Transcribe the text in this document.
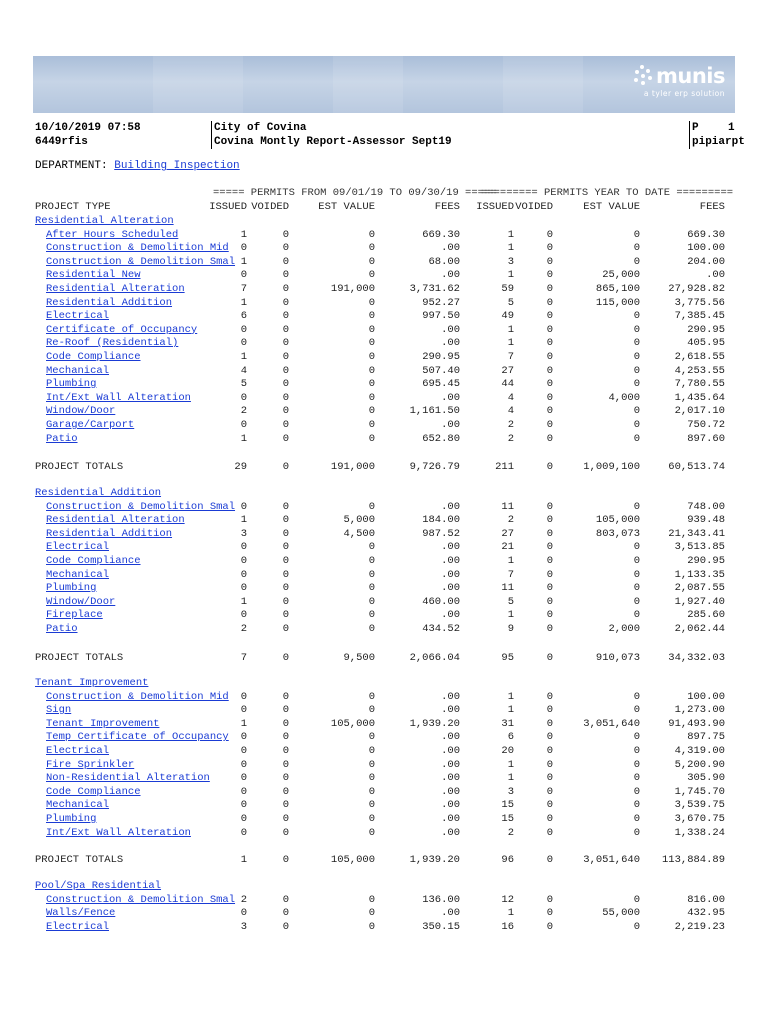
munis
a tyler erp solution
10/10/2019 07:58
6449rfis
City of Covina
Covina Montly Report-Assessor Sept19
P	1
pipiarpt
DEPARTMENT: Building Inspection
===== PERMITS FROM 09/01/19 TO 09/30/19 =====
========= PERMITS YEAR TO DATE =========
PROJECT TYPE	ISSUED VOIDED	EST VALUE	FEES ISSUED VOIDED	EST VALUE	FEES
Residential Alteration
After Hours Scheduled	1	0	0	669.30	1	0	0	669.30
Construction & Demolition Mid 0	0	0	.00	1	0	0	100.00
Construction & Demolition Smal 1	0	0	68.00	3	0	0	204.00
Residential New	0	0	0	.00	1	0	25,000	.00
Residential Alteration	7	0	191,000	3,731.62	59	0	865,100	27,928.82
Residential Addition	1	0	0	952.27	5	0	115,000	3,775.56
Electrical	6	0	0	997.50	49	0	0	7,385.45
Certificate of Occupancy	0	0	0	.00	1	0	0	290.95
Re-Roof (Residential)	0	0	0	.00	1	0	0	405.95
Code Compliance	1	0	0	290.95	7	0	0	2,618.55
Mechanical	4	0	0	507.40	27	0	0	4,253.55
Plumbing	5	0	0	695.45	44	0	0	7,780.55
Int/Ext Wall Alteration	0	0	0	.00	4	0	4,000	1,435.64
Window/Door	2	0	0	1,161.50	4	0	0	2,017.10
Garage/Carport	0	0	0	.00	2	0	0	750.72
Patio	1	0	0	652.80	2	0	0	897.60
PROJECT TOTALS	29	0	191,000	9,726.79	211	0	1,009,100	60,513.74
Residential Addition
Construction & Demolition Smal 0	0	0	.00	11	0	0	748.00
Residential Alteration	1	0	5,000	184.00	2	0	105,000	939.48
Residential Addition	3	0	4,500	987.52	27	0	803,073	21,343.41
Electrical	0	0	0	.00	21	0	0	3,513.85
Code Compliance	0	0	0	.00	1	0	0	290.95
Mechanical	0	0	0	.00	7	0	0	1,133.35
Plumbing	0	0	0	.00	11	0	0	2,087.55
Window/Door	1	0	0	460.00	5	0	0	1,927.40
Fireplace	0	0	0	.00	1	0	0	285.60
Patio	2	0	0	434.52	9	0	2,000	2,062.44
PROJECT TOTALS	7	0	9,500	2,066.04	95	0	910,073	34,332.03
Tenant Improvement
Construction & Demolition Mid 0	0	0	.00	1	0	0	100.00
Sign	0	0	0	.00	1	0	0	1,273.00
Tenant Improvement	1	0	105,000	1,939.20	31	0	3,051,640	91,493.90
Temp Certificate of Occupancy 0	0	0	.00	6	0	0	897.75
Electrical	0	0	0	.00	20	0	0	4,319.00
Fire Sprinkler	0	0	0	.00	1	0	0	5,200.90
Non-Residential Alteration	0	0	0	.00	1	0	0	305.90
Code Compliance	0	0	0	.00	3	0	0	1,745.70
Mechanical	0	0	0	.00	15	0	0	3,539.75
Plumbing	0	0	0	.00	15	0	0	3,670.75
Int/Ext Wall Alteration	0	0	0	.00	2	0	0	1,338.24
PROJECT TOTALS	1	0	105,000	1,939.20	96	0	3,051,640 113,884.89
Pool/Spa Residential
Construction & Demolition Smal 2	0	0	136.00	12	0	0	816.00
Walls/Fence	0	0	0	.00	1	0	55,000	432.95
Electrical	3	0	0	350.15	16	0	0	2,219.23
